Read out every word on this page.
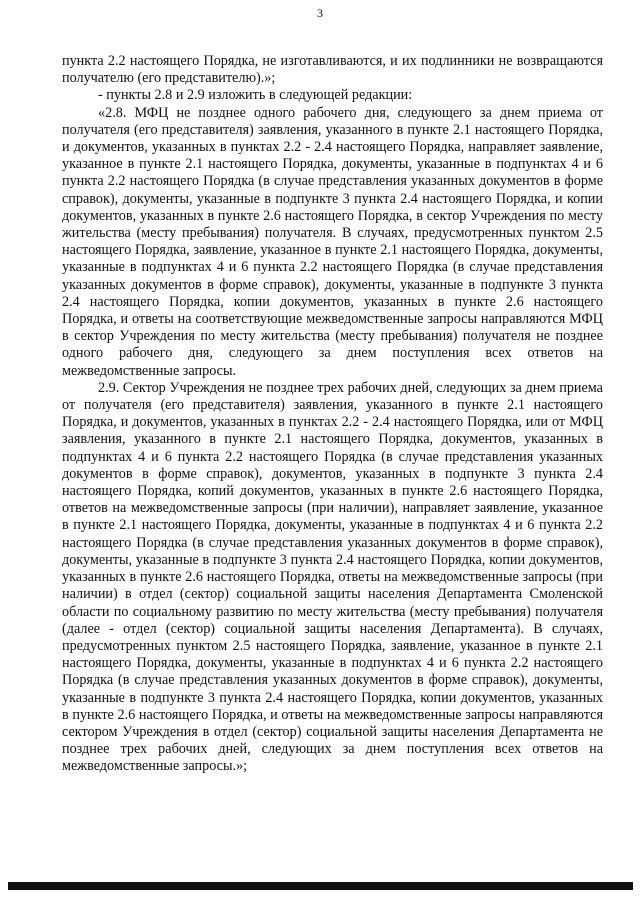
3

пункта 2.2 настоящего Порядка, не изготавливаются, и их подлинники не возвращаются получателю (его представителю).»;

- пункты 2.8 и 2.9 изложить в следующей редакции:

«2.8. МФЦ не позднее одного рабочего дня, следующего за днем приема от получателя (его представителя) заявления, указанного в пункте 2.1 настоящего Порядка, и документов, указанных в пунктах 2.2 - 2.4 настоящего Порядка, направляет заявление, указанное в пункте 2.1 настоящего Порядка, документы, указанные в подпунктах 4 и 6 пункта 2.2 настоящего Порядка (в случае представления указанных документов в форме справок), документы, указанные в подпункте 3 пункта 2.4 настоящего Порядка, и копии документов, указанных в пункте 2.6 настоящего Порядка, в сектор Учреждения по месту жительства (месту пребывания) получателя. В случаях, предусмотренных пунктом 2.5 настоящего Порядка, заявление, указанное в пункте 2.1 настоящего Порядка, документы, указанные в подпунктах 4 и 6 пункта 2.2 настоящего Порядка (в случае представления указанных документов в форме справок), документы, указанные в подпункте 3 пункта 2.4 настоящего Порядка, копии документов, указанных в пункте 2.6 настоящего Порядка, и ответы на соответствующие межведомственные запросы направляются МФЦ в сектор Учреждения по месту жительства (месту пребывания) получателя не позднее одного рабочего дня, следующего за днем поступления всех ответов на межведомственные запросы.

2.9. Сектор Учреждения не позднее трех рабочих дней, следующих за днем приема от получателя (его представителя) заявления, указанного в пункте 2.1 настоящего Порядка, и документов, указанных в пунктах 2.2 - 2.4 настоящего Порядка, или от МФЦ заявления, указанного в пункте 2.1 настоящего Порядка, документов, указанных в подпунктах 4 и 6 пункта 2.2 настоящего Порядка (в случае представления указанных документов в форме справок), документов, указанных в подпункте 3 пункта 2.4 настоящего Порядка, копий документов, указанных в пункте 2.6 настоящего Порядка, ответов на межведомственные запросы (при наличии), направляет заявление, указанное в пункте 2.1 настоящего Порядка, документы, указанные в подпунктах 4 и 6 пункта 2.2 настоящего Порядка (в случае представления указанных документов в форме справок), документы, указанные в подпункте 3 пункта 2.4 настоящего Порядка, копии документов, указанных в пункте 2.6 настоящего Порядка, ответы на межведомственные запросы (при наличии) в отдел (сектор) социальной защиты населения Департамента Смоленской области по социальному развитию по месту жительства (месту пребывания) получателя (далее - отдел (сектор) социальной защиты населения Департамента). В случаях, предусмотренных пунктом 2.5 настоящего Порядка, заявление, указанное в пункте 2.1 настоящего Порядка, документы, указанные в подпунктах 4 и 6 пункта 2.2 настоящего Порядка (в случае представления указанных документов в форме справок), документы, указанные в подпункте 3 пункта 2.4 настоящего Порядка, копии документов, указанных в пункте 2.6 настоящего Порядка, и ответы на межведомственные запросы направляются сектором Учреждения в отдел (сектор) социальной защиты населения Департамента не позднее трех рабочих дней, следующих за днем поступления всех ответов на межведомственные запросы.»;
